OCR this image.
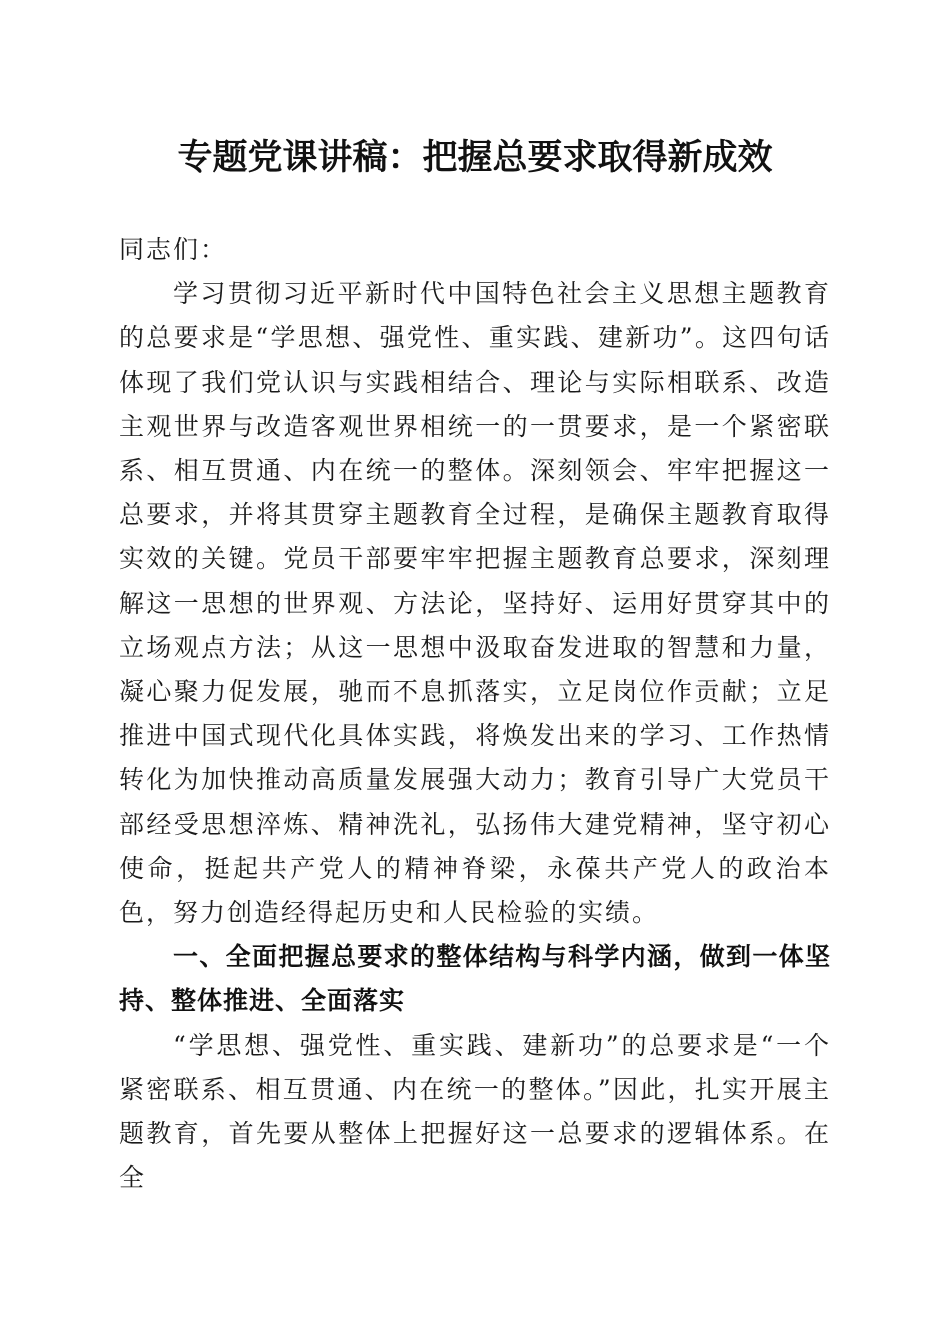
专题党课讲稿：把握总要求取得新成效

同志们：

学习贯彻习近平新时代中国特色社会主义思想主题教育的总要求是“学思想、强党性、重实践、建新功”。这四句话体现了我们党认识与实践相结合、理论与实际相联系、改造主观世界与改造客观世界相统一的一贯要求，是一个紧密联系、相互贯通、内在统一的整体。深刻领会、牢牢把握这一总要求，并将其贯穿主题教育全过程，是确保主题教育取得实效的关键。党员干部要牢牢把握主题教育总要求，深刻理解这一思想的世界观、方法论，坚持好、运用好贯穿其中的立场观点方法；从这一思想中汲取奋发进取的智慧和力量，凝心聚力促发展，驰而不息抓落实，立足岗位作贡献；立足推进中国式现代化具体实践，将焕发出来的学习、工作热情转化为加快推动高质量发展强大动力；教育引导广大党员干部经受思想淬炼、精神洗礼，弘扬伟大建党精神，坚守初心使命，挺起共产党人的精神脊梁，永葆共产党人的政治本色，努力创造经得起历史和人民检验的实绩。

一、全面把握总要求的整体结构与科学内涵，做到一体坚持、整体推进、全面落实

“学思想、强党性、重实践、建新功”的总要求是“一个紧密联系、相互贯通、内在统一的整体。”因此，扎实开展主题教育，首先要从整体上把握好这一总要求的逻辑体系。在全
